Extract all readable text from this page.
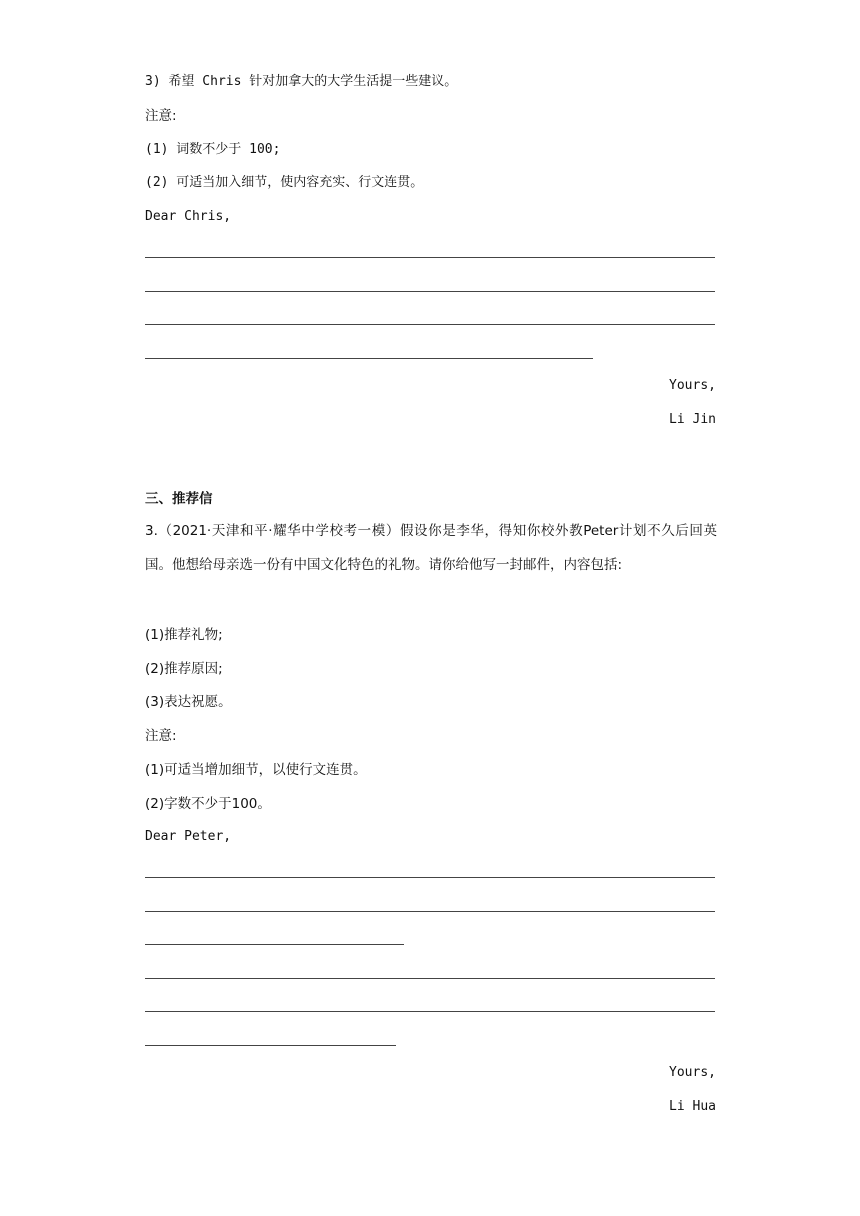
3) 希望 Chris 针对加拿大的大学生活提一些建议。

注意:

(1) 词数不少于 100;

(2) 可适当加入细节，使内容充实、行文连贯。

Dear Chris,

Yours,

Li Jin

三、推荐信

3.（2021·天津和平·耀华中学校考一模）假设你是李华，得知你校外教Peter计划不久后回英国。他想给母亲选一份有中国文化特色的礼物。请你给他写一封邮件，内容包括:

(1)推荐礼物;

(2)推荐原因;

(3)表达祝愿。

注意:

(1)可适当增加细节，以使行文连贯。

(2)字数不少于100。

Dear Peter,

Yours,

Li Hua
